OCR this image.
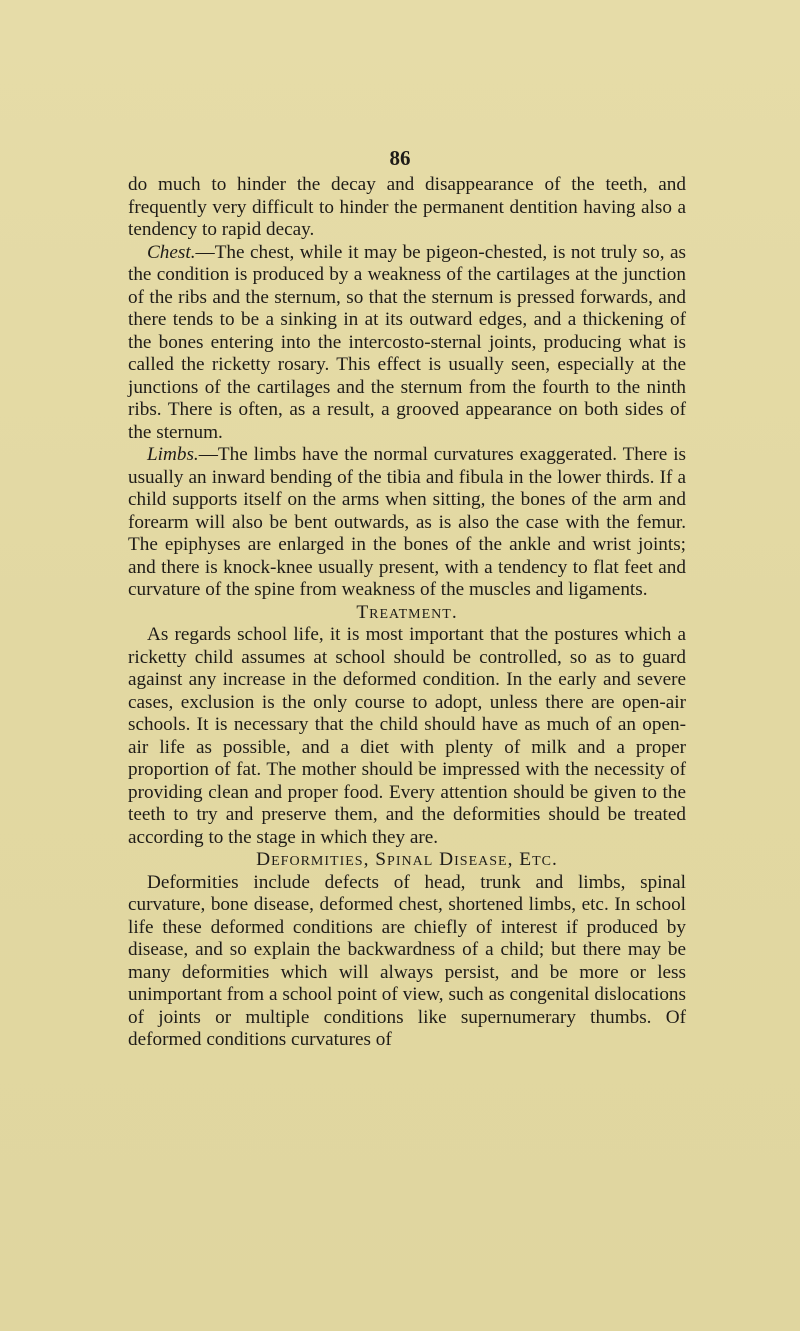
86

do much to hinder the decay and disappearance of the teeth, and frequently very difficult to hinder the permanent dentition having also a tendency to rapid decay.

Chest.—The chest, while it may be pigeon-chested, is not truly so, as the condition is produced by a weakness of the cartilages at the junction of the ribs and the sternum, so that the sternum is pressed forwards, and there tends to be a sinking in at its outward edges, and a thickening of the bones entering into the intercosto-sternal joints, producing what is called the ricketty rosary. This effect is usually seen, especially at the junctions of the cartilages and the sternum from the fourth to the ninth ribs. There is often, as a result, a grooved appearance on both sides of the sternum.

Limbs.—The limbs have the normal curvatures exaggerated. There is usually an inward bending of the tibia and fibula in the lower thirds. If a child supports itself on the arms when sitting, the bones of the arm and forearm will also be bent outwards, as is also the case with the femur. The epiphyses are enlarged in the bones of the ankle and wrist joints; and there is knock-knee usually present, with a tendency to flat feet and curvature of the spine from weakness of the muscles and ligaments.

Treatment.

As regards school life, it is most important that the postures which a ricketty child assumes at school should be controlled, so as to guard against any increase in the deformed condition. In the early and severe cases, exclusion is the only course to adopt, unless there are open-air schools. It is necessary that the child should have as much of an open-air life as possible, and a diet with plenty of milk and a proper proportion of fat. The mother should be impressed with the necessity of providing clean and proper food. Every attention should be given to the teeth to try and preserve them, and the deformities should be treated according to the stage in which they are.

Deformities, Spinal Disease, Etc.

Deformities include defects of head, trunk and limbs, spinal curvature, bone disease, deformed chest, shortened limbs, etc. In school life these deformed conditions are chiefly of interest if produced by disease, and so explain the backwardness of a child; but there may be many deformities which will always persist, and be more or less unimportant from a school point of view, such as congenital dislocations of joints or multiple conditions like supernumerary thumbs. Of deformed conditions curvatures of
